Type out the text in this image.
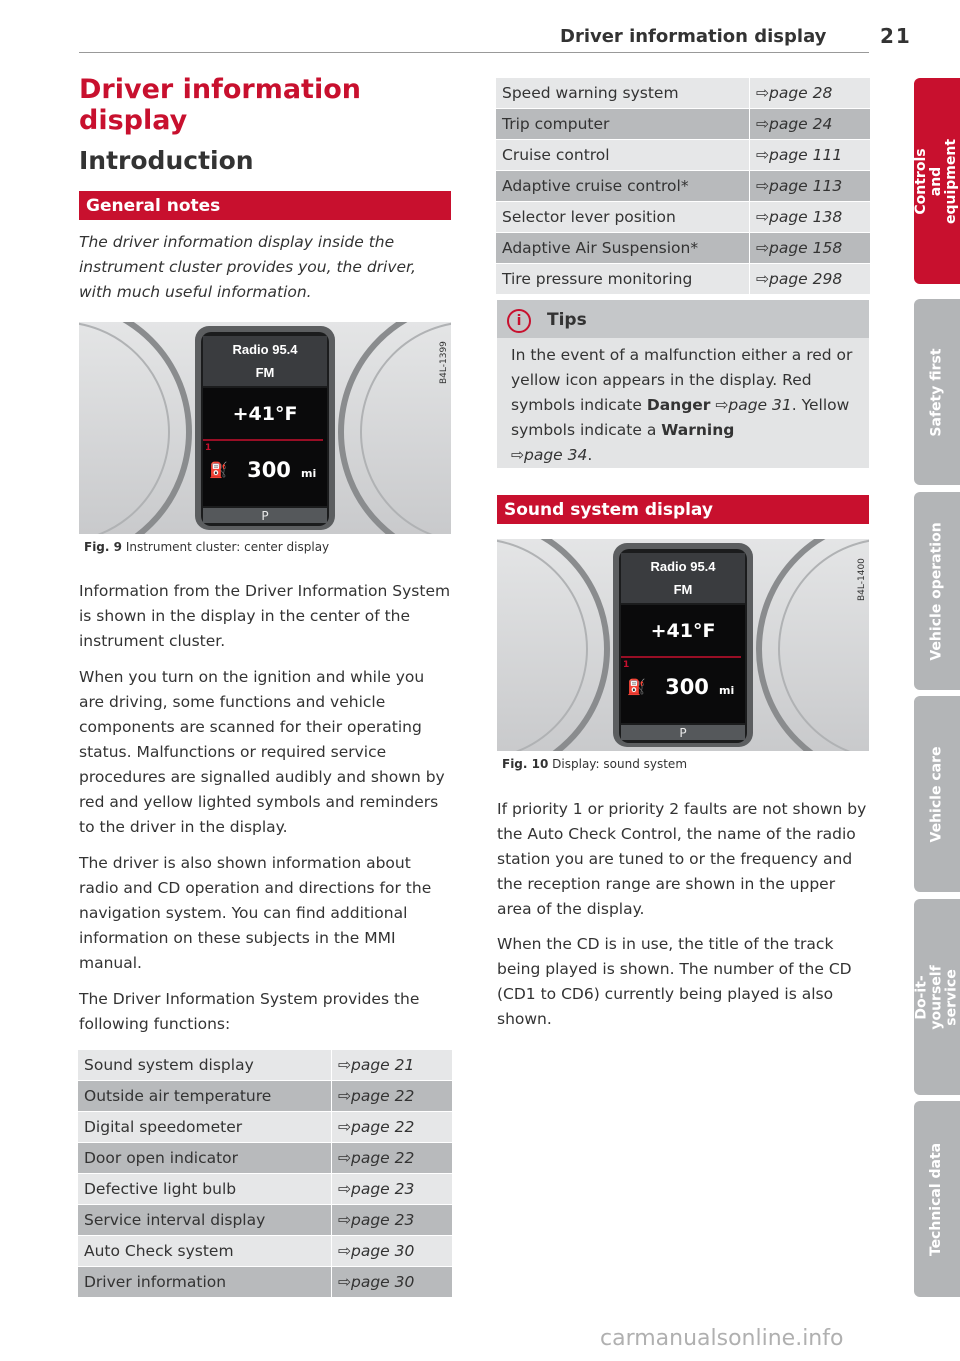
Driver information display	21
Driver information display
Introduction
General notes

The driver information display inside the instrument cluster provides you, the driver, with much useful information.

Radio 95.4
FM
+41°F
1
⛽ 300 mi
P
B4L-1399
Fig. 9 Instrument cluster: center display

Information from the Driver Information System is shown in the display in the center of the instrument cluster.

When you turn on the ignition and while you are driving, some functions and vehicle components are scanned for their operating status. Malfunctions or required service procedures are signalled audibly and shown by red and yellow lighted symbols and reminders to the driver in the display.

The driver is also shown information about radio and CD operation and directions for the navigation system. You can find additional information on these subjects in the MMI manual.

The Driver Information System provides the following functions:

Sound system display	⇨page 21
Outside air temperature	⇨page 22
Digital speedometer	⇨page 22
Door open indicator	⇨page 22
Defective light bulb	⇨page 23
Service interval display	⇨page 23
Auto Check system	⇨page 30
Driver information	⇨page 30
Speed warning system	⇨page 28
Trip computer	⇨page 24
Cruise control	⇨page 111
Adaptive cruise control*	⇨page 113
Selector lever position	⇨page 138
Adaptive Air Suspension*	⇨page 158
Tire pressure monitoring	⇨page 298
i	Tips

In the event of a malfunction either a red or yellow icon appears in the display. Red symbols indicate Danger ⇨page 31. Yellow symbols indicate a Warning
⇨page 34.

Sound system display
Radio 95.4
FM
+41°F
1
⛽ 300 mi
P
B4L-1400
Fig. 10 Display: sound system

If priority 1 or priority 2 faults are not shown by the Auto Check Control, the name of the radio station you are tuned to or the frequency and the reception range are shown in the upper area of the display.

When the CD is in use, the title of the track being played is shown. The number of the CD (CD1 to CD6) currently being played is also shown.

Controls and equipment
Safety first
Vehicle operation
Vehicle care
Do-it-yourself service
Technical data
carmanualsonline.info
